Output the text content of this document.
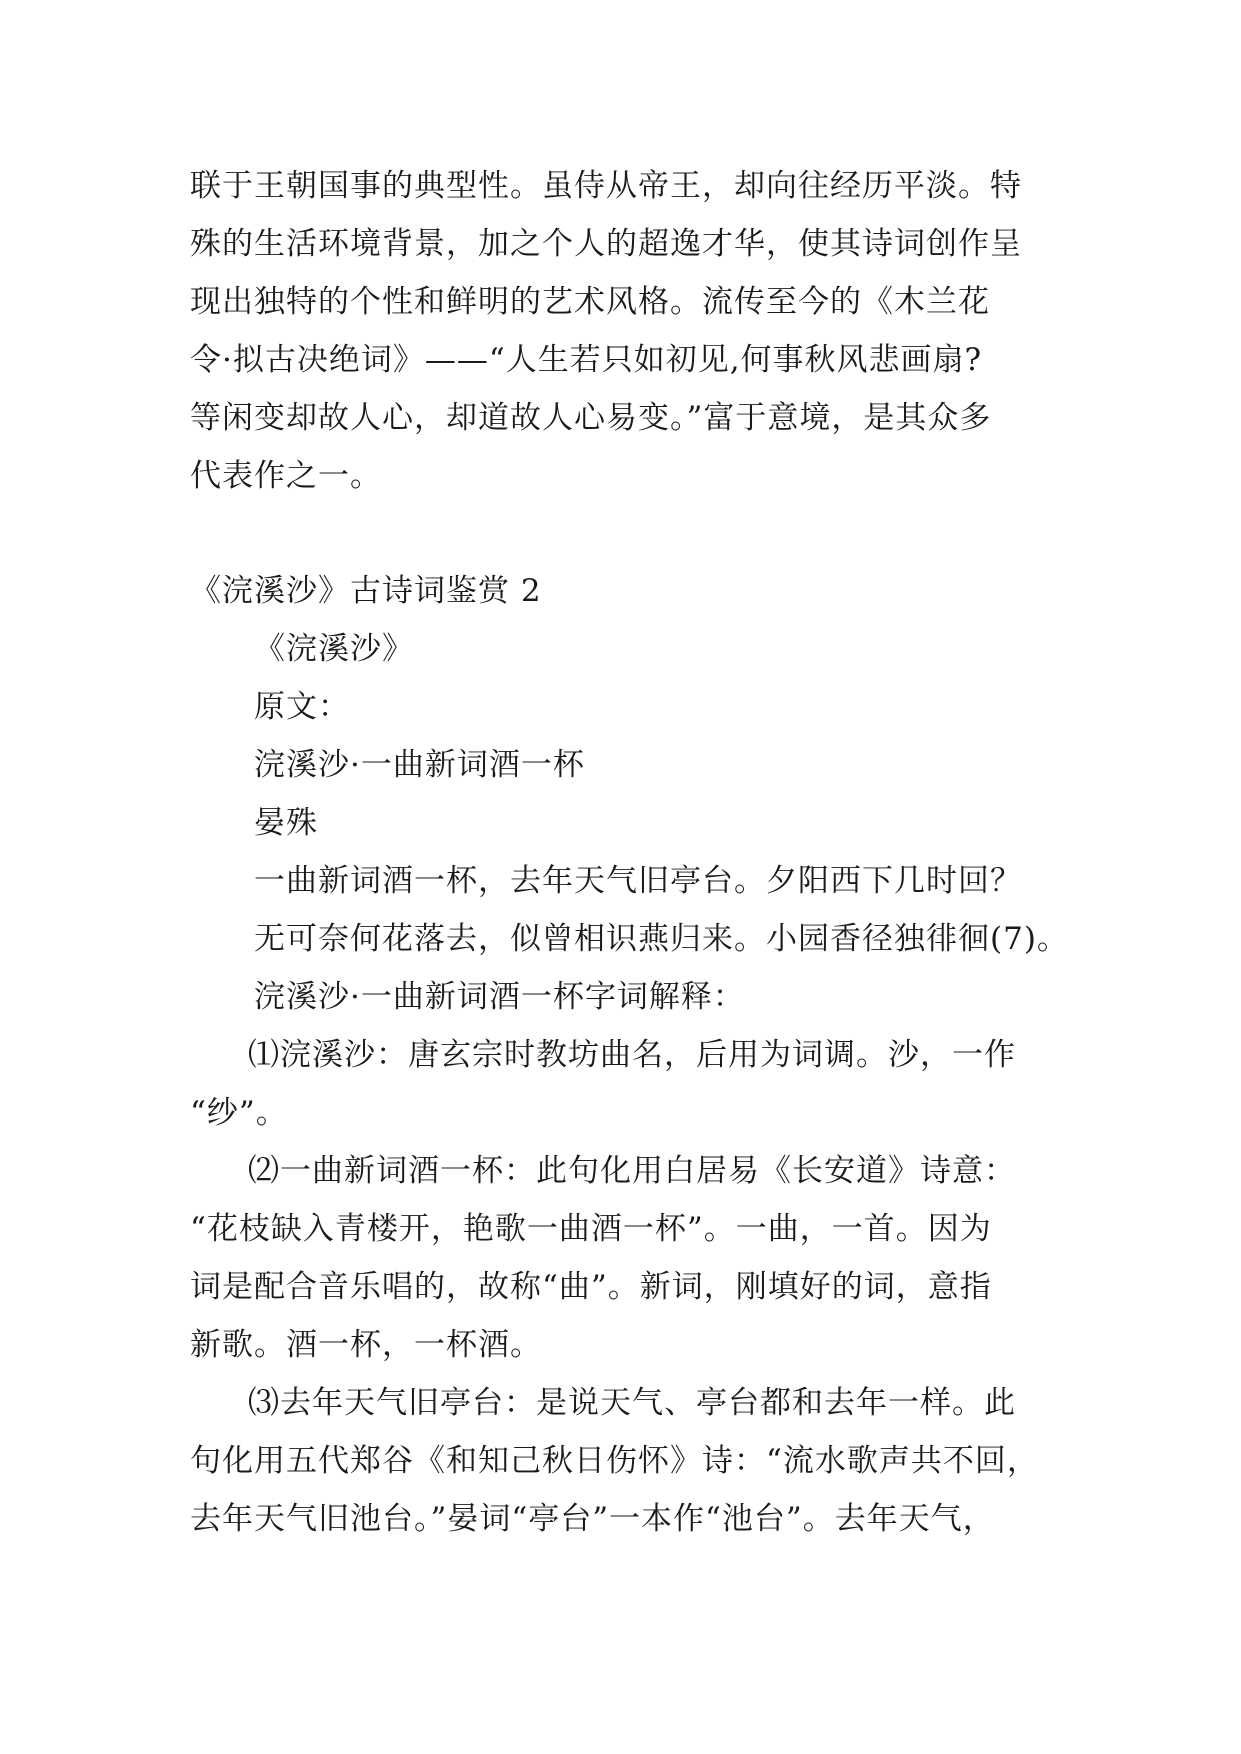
联于王朝国事的典型性。虽侍从帝王，却向往经历平淡。特
殊的生活环境背景，加之个人的超逸才华，使其诗词创作呈
现出独特的个性和鲜明的艺术风格。流传至今的《木兰花
令·拟古决绝词》——“人生若只如初见,何事秋风悲画扇?
等闲变却故人心，却道故人心易变。”富于意境，是其众多
代表作之一。
《浣溪沙》古诗词鉴赏 2
《浣溪沙》
原文：
浣溪沙·一曲新词酒一杯
晏殊
一曲新词酒一杯，去年天气旧亭台。夕阳西下几时回？
无可奈何花落去，似曾相识燕归来。小园香径独徘徊(7)。
浣溪沙·一曲新词酒一杯字词解释：
⑴浣溪沙：唐玄宗时教坊曲名，后用为词调。沙，一作
“纱”。
⑵一曲新词酒一杯：此句化用白居易《长安道》诗意：
“花枝缺入青楼开，艳歌一曲酒一杯”。一曲，一首。因为
词是配合音乐唱的，故称“曲”。新词，刚填好的词，意指
新歌。酒一杯，一杯酒。
⑶去年天气旧亭台：是说天气、亭台都和去年一样。此
句化用五代郑谷《和知己秋日伤怀》诗：“流水歌声共不回，
去年天气旧池台。”晏词“亭台”一本作“池台”。去年天气，
